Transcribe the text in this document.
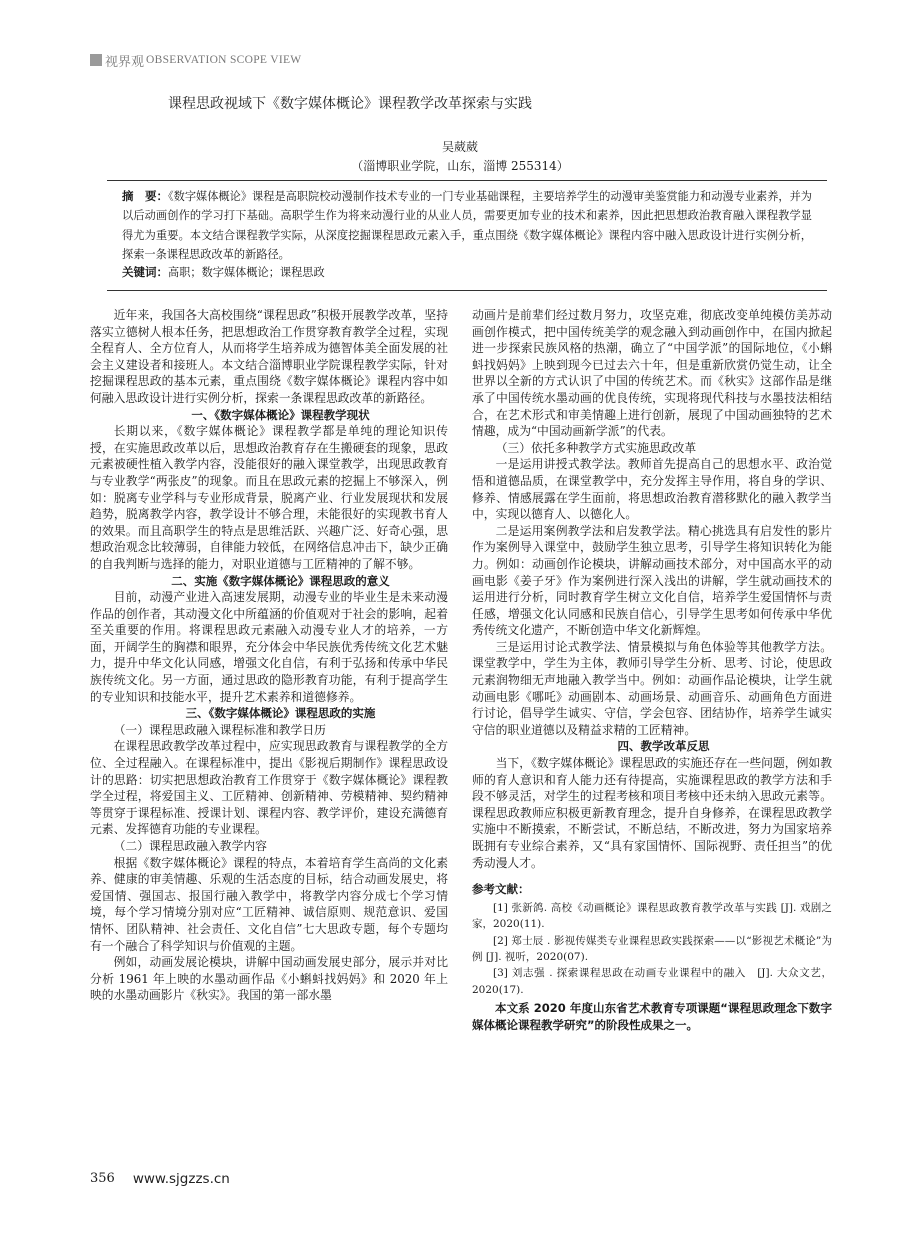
视界观 OBSERVATION SCOPE VIEW
课程思政视域下《数字媒体概论》课程教学改革探索与实践
吴葳葳
（淄博职业学院，山东，淄博 255314）
摘　要：《数字媒体概论》课程是高职院校动漫制作技术专业的一门专业基础课程，主要培养学生的动漫审美鉴赏能力和动漫专业素养，并为以后动画创作的学习打下基础。高职学生作为将来动漫行业的从业人员，需要更加专业的技术和素养，因此把思想政治教育融入课程教学显得尤为重要。本文结合课程教学实际，从深度挖掘课程思政元素入手，重点围绕《数字媒体概论》课程内容中融入思政设计进行实例分析，探索一条课程思政改革的新路径。
关键词：高职；数字媒体概论；课程思政

近年来，我国各大高校围绕“课程思政”积极开展教学改革，坚持落实立德树人根本任务，把思想政治工作贯穿教育教学全过程，实现全程育人、全方位育人，从而将学生培养成为德智体美全面发展的社会主义建设者和接班人。本文结合淄博职业学院课程教学实际，针对挖掘课程思政的基本元素，重点围绕《数字媒体概论》课程内容中如何融入思政设计进行实例分析，探索一条课程思政改革的新路径。

一、《数字媒体概论》课程教学现状

长期以来，《数字媒体概论》课程教学都是单纯的理论知识传授，在实施思政改革以后，思想政治教育存在生搬硬套的现象，思政元素被硬性植入教学内容，没能很好的融入课堂教学，出现思政教育与专业教学“两张皮”的现象。而且在思政元素的挖掘上不够深入，例如：脱离专业学科与专业形成背景，脱离产业、行业发展现状和发展趋势，脱离教学内容，教学设计不够合理，未能很好的实现教书育人的效果。而且高职学生的特点是思维活跃、兴趣广泛、好奇心强，思想政治观念比较薄弱，自律能力较低，在网络信息冲击下，缺少正确的自我判断与选择的能力，对职业道德与工匠精神的了解不够。

二、实施《数字媒体概论》课程思政的意义

目前，动漫产业进入高速发展期，动漫专业的毕业生是未来动漫作品的创作者，其动漫文化中所蕴涵的价值观对于社会的影响，起着至关重要的作用。将课程思政元素融入动漫专业人才的培养，一方面，开阔学生的胸襟和眼界，充分体会中华民族优秀传统文化艺术魅力，提升中华文化认同感，增强文化自信，有利于弘扬和传承中华民族传统文化。另一方面，通过思政的隐形教育功能，有利于提高学生的专业知识和技能水平，提升艺术素养和道德修养。

三、《数字媒体概论》课程思政的实施

（一）课程思政融入课程标准和教学日历

在课程思政教学改革过程中，应实现思政教育与课程教学的全方位、全过程融入。在课程标准中，提出《影视后期制作》课程思政设计的思路：切实把思想政治教育工作贯穿于《数字媒体概论》课程教学全过程，将爱国主义、工匠精神、创新精神、劳模精神、契约精神等贯穿于课程标准、授课计划、课程内容、教学评价，建设充满德育元素、发挥德育功能的专业课程。

（二）课程思政融入教学内容

根据《数字媒体概论》课程的特点，本着培育学生高尚的文化素养、健康的审美情趣、乐观的生活态度的目标，结合动画发展史，将爱国情、强国志、报国行融入教学中，将教学内容分成七个学习情境，每个学习情境分别对应“工匠精神、诚信原则、规范意识、爱国情怀、团队精神、社会责任、文化自信”七大思政专题，每个专题均有一个融合了科学知识与价值观的主题。

例如，动画发展论模块，讲解中国动画发展史部分，展示并对比分析 1961 年上映的水墨动画作品《小蝌蚪找妈妈》和 2020 年上映的水墨动画影片《秋实》。我国的第一部水墨

动画片是前辈们经过数月努力，攻坚克难，彻底改变单纯模仿美苏动画创作模式，把中国传统美学的观念融入到动画创作中，在国内掀起进一步探索民族风格的热潮，确立了“中国学派”的国际地位，《小蝌蚪找妈妈》上映到现今已过去六十年，但是重新欣赏仍觉生动，让全世界以全新的方式认识了中国的传统艺术。而《秋实》这部作品是继承了中国传统水墨动画的优良传统，实现将现代科技与水墨技法相结合，在艺术形式和审美情趣上进行创新，展现了中国动画独特的艺术情趣，成为“中国动画新学派”的代表。

（三）依托多种教学方式实施思政改革

一是运用讲授式教学法。教师首先提高自己的思想水平、政治觉悟和道德品质，在课堂教学中，充分发挥主导作用，将自身的学识、修养、情感展露在学生面前，将思想政治教育潜移默化的融入教学当中，实现以德育人、以德化人。

二是运用案例教学法和启发教学法。精心挑选具有启发性的影片作为案例导入课堂中，鼓励学生独立思考，引导学生将知识转化为能力。例如：动画创作论模块，讲解动画技术部分，对中国高水平的动画电影《姜子牙》作为案例进行深入浅出的讲解，学生就动画技术的运用进行分析，同时教育学生树立文化自信，培养学生爱国情怀与责任感，增强文化认同感和民族自信心，引导学生思考如何传承中华优秀传统文化遗产，不断创造中华文化新辉煌。

三是运用讨论式教学法、情景模拟与角色体验等其他教学方法。课堂教学中，学生为主体，教师引导学生分析、思考、讨论，使思政元素润物细无声地融入教学当中。例如：动画作品论模块，让学生就动画电影《哪吒》动画剧本、动画场景、动画音乐、动画角色方面进行讨论，倡导学生诚实、守信，学会包容、团结协作，培养学生诚实守信的职业道德以及精益求精的工匠精神。

四、教学改革反思

当下，《数字媒体概论》课程思政的实施还存在一些问题，例如教师的育人意识和育人能力还有待提高，实施课程思政的教学方法和手段不够灵活，对学生的过程考核和项目考核中还未纳入思政元素等。课程思政教师应积极更新教育理念，提升自身修养，在课程思政教学实施中不断摸索，不断尝试，不断总结，不断改进，努力为国家培养既拥有专业综合素养，又“具有家国情怀、国际视野、责任担当”的优秀动漫人才。

参考文献：
[1] 张新鸽. 高校《动画概论》课程思政教育教学改革与实践 [J]. 戏剧之家，2020(11).
[2] 郑士辰 . 影视传媒类专业课程思政实践探索——以“影视艺术概论”为例 [J]. 视听，2020(07).
[3] 刘志强 . 探索课程思政在动画专业课程中的融入　[J]. 大众文艺，2020(17).
本文系 2020 年度山东省艺术教育专项课题“课程思政理念下数字媒体概论课程教学研究”的阶段性成果之一。
356 www.sjgzzs.cn
